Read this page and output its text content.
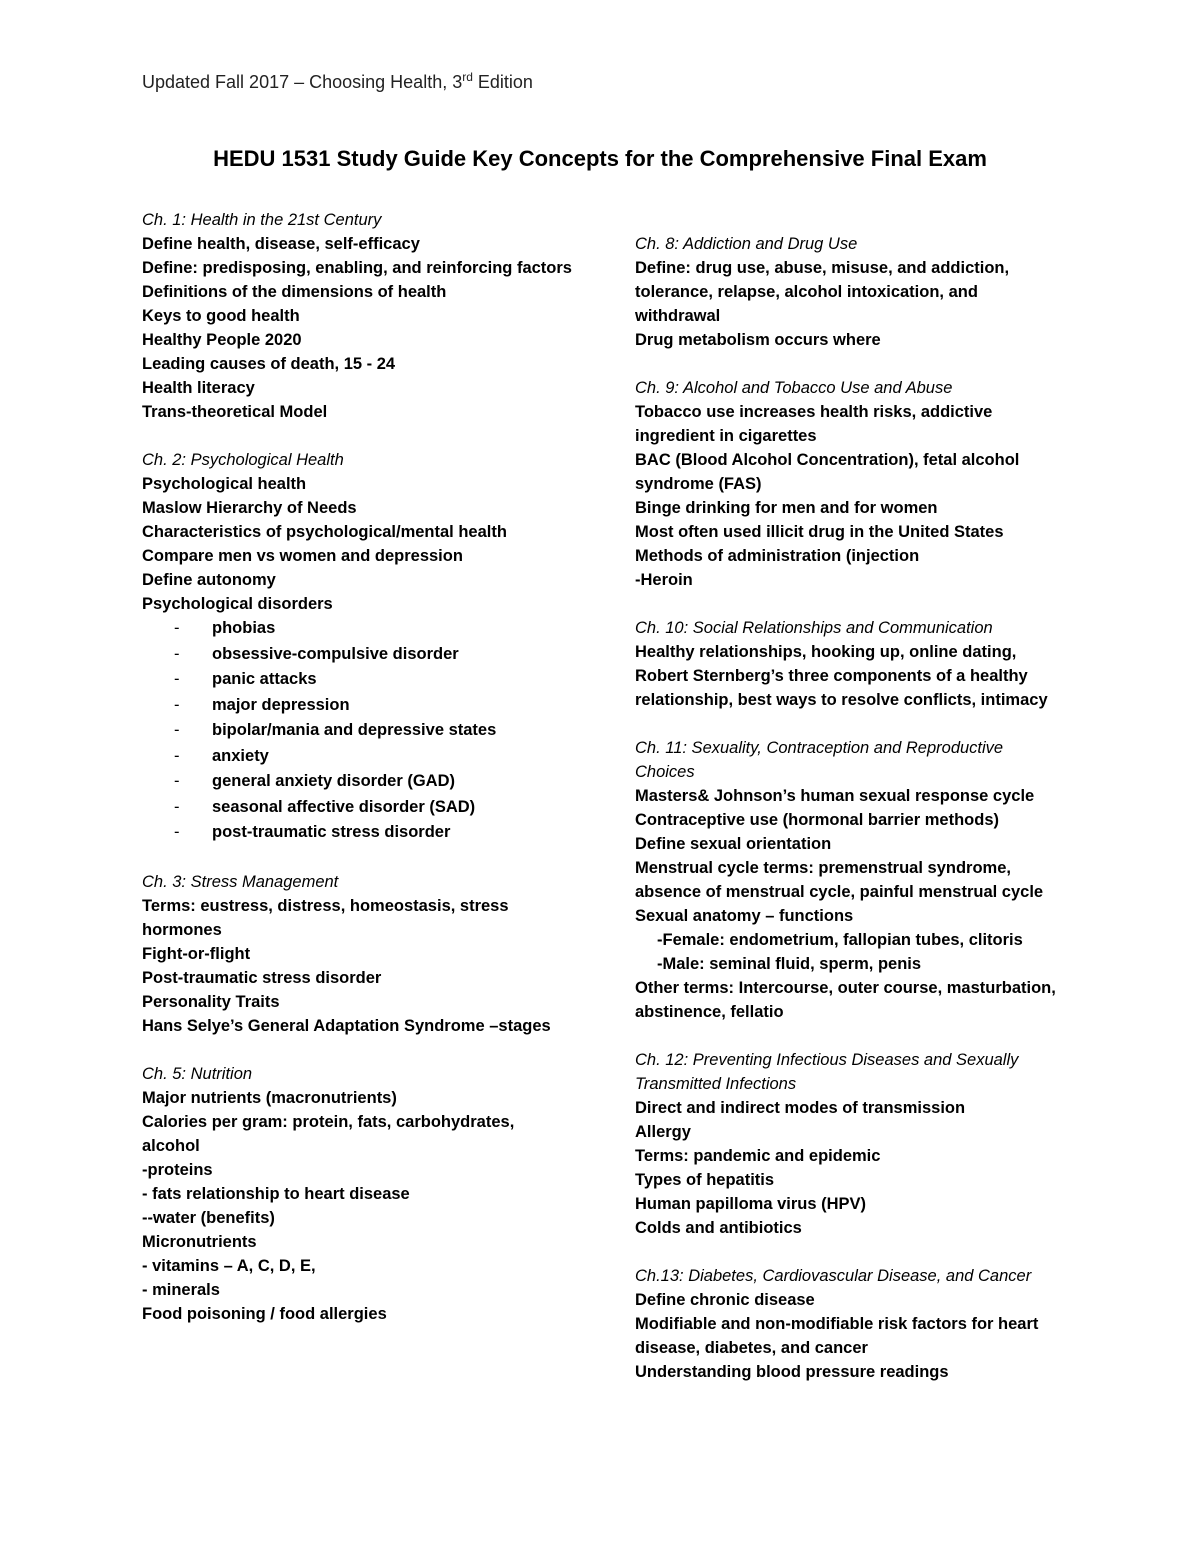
Updated Fall 2017 – Choosing Health, 3rd Edition
HEDU 1531 Study Guide Key Concepts for the Comprehensive Final Exam
Ch. 1: Health in the 21st Century
Define health, disease, self-efficacy
Define: predisposing, enabling, and reinforcing factors
Definitions of the dimensions of health
Keys to good health
Healthy People 2020
Leading causes of death, 15 - 24
Health literacy
Trans-theoretical Model
Ch. 2: Psychological Health
Psychological health
Maslow Hierarchy of Needs
Characteristics of psychological/mental health
Compare men vs women and depression
Define autonomy
Psychological disorders
- phobias
- obsessive-compulsive disorder
- panic attacks
- major depression
- bipolar/mania and depressive states
- anxiety
- general anxiety disorder (GAD)
- seasonal affective disorder (SAD)
- post-traumatic stress disorder
Ch. 3: Stress Management
Terms: eustress, distress, homeostasis, stress hormones
Fight-or-flight
Post-traumatic stress disorder
Personality Traits
Hans Selye’s General Adaptation Syndrome –stages
Ch. 5: Nutrition
Major nutrients (macronutrients)
Calories per gram: protein, fats, carbohydrates, alcohol
-proteins
- fats relationship to heart disease
--water (benefits)
Micronutrients
- vitamins – A, C, D, E,
- minerals
Food poisoning / food allergies
Ch. 8: Addiction and Drug Use
Define: drug use, abuse, misuse, and addiction, tolerance, relapse, alcohol intoxication, and withdrawal
Drug metabolism occurs where
Ch. 9: Alcohol and Tobacco Use and Abuse
Tobacco use increases health risks, addictive ingredient in cigarettes
BAC (Blood Alcohol Concentration), fetal alcohol syndrome (FAS)
Binge drinking for men and for women
Most often used illicit drug in the United States
Methods of administration (injection
-Heroin
Ch. 10: Social Relationships and Communication
Healthy relationships, hooking up, online dating, Robert Sternberg’s three components of a healthy relationship, best ways to resolve conflicts, intimacy
Ch. 11: Sexuality, Contraception and Reproductive Choices
Masters& Johnson’s human sexual response cycle
Contraceptive use (hormonal barrier methods)
Define sexual orientation
Menstrual cycle terms: premenstrual syndrome, absence of menstrual cycle, painful menstrual cycle
Sexual anatomy – functions
-Female: endometrium, fallopian tubes, clitoris
-Male: seminal fluid, sperm, penis
Other terms: Intercourse, outer course, masturbation, abstinence, fellatio
Ch. 12: Preventing Infectious Diseases and Sexually Transmitted Infections
Direct and indirect modes of transmission
Allergy
Terms: pandemic and epidemic
Types of hepatitis
Human papilloma virus (HPV)
Colds and antibiotics
Ch.13: Diabetes, Cardiovascular Disease, and Cancer
Define chronic disease
Modifiable and non-modifiable risk factors for heart disease, diabetes, and cancer
Understanding blood pressure readings
